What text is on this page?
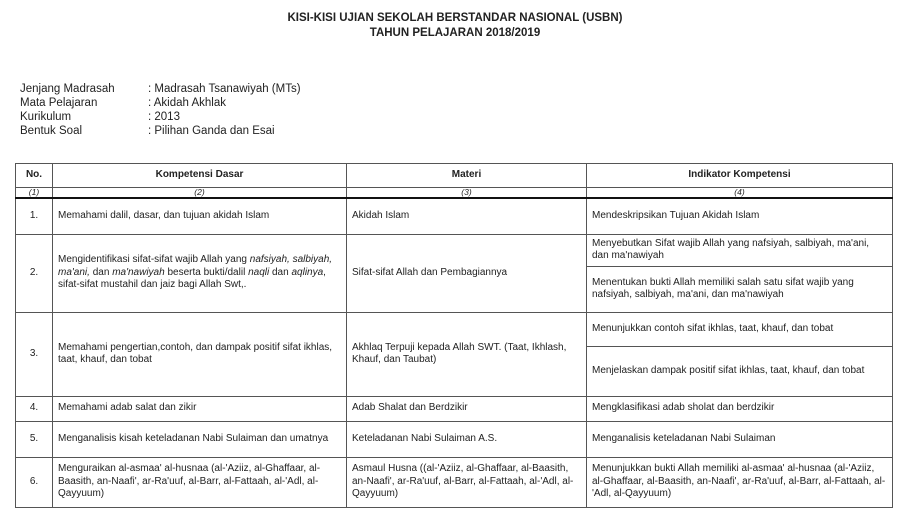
KISI-KISI UJIAN SEKOLAH BERSTANDAR NASIONAL (USBN)
TAHUN PELAJARAN 2018/2019
Jenjang Madrasah	: Madrasah Tsanawiyah (MTs)
Mata Pelajaran	: Akidah Akhlak
Kurikulum	: 2013
Bentuk Soal	: Pilihan Ganda dan Esai
No.	Kompetensi Dasar	Materi	Indikator Kompetensi
(1)	(2)	(3)	(4)
1.	Memahami dalil, dasar, dan tujuan akidah Islam	Akidah Islam	Mendeskripsikan Tujuan Akidah Islam
2.	Mengidentifikasi sifat-sifat wajib Allah yang nafsiyah, salbiyah, ma'ani, dan ma'nawiyah beserta bukti/dalil naqli dan aqlinya, sifat-sifat mustahil dan jaiz bagi Allah Swt,.	Sifat-sifat Allah dan Pembagiannya	Menyebutkan Sifat wajib Allah yang nafsiyah, salbiyah, ma'ani, dan ma'nawiyah
			Menentukan bukti Allah memiliki salah satu sifat wajib yang nafsiyah, salbiyah, ma'ani, dan ma'nawiyah
3.	Memahami pengertian,contoh, dan dampak positif sifat ikhlas, taat, khauf, dan tobat	Akhlaq Terpuji kepada Allah SWT. (Taat, Ikhlash, Khauf, dan Taubat)	Menunjukkan contoh sifat ikhlas, taat, khauf, dan tobat
			Menjelaskan dampak positif sifat ikhlas, taat, khauf, dan tobat
4.	Memahami adab salat dan zikir	Adab Shalat dan Berdzikir	Mengklasifikasi adab sholat dan berdzikir
5.	Menganalisis kisah keteladanan Nabi Sulaiman dan umatnya	Keteladanan Nabi Sulaiman A.S.	Menganalisis keteladanan Nabi Sulaiman
6.	Menguraikan al-asmaa' al-husnaa (al-'Aziiz, al-Ghaffaar, al-Baasith, an-Naafi', ar-Ra'uuf, al-Barr, al-Fattaah, al-'Adl, al-Qayyuum)	Asmaul Husna ((al-'Aziiz, al-Ghaffaar, al-Baasith, an-Naafi', ar-Ra'uuf, al-Barr, al-Fattaah, al-'Adl, al-Qayyuum)	Menunjukkan bukti Allah memiliki al-asmaa' al-husnaa (al-'Aziiz, al-Ghaffaar, al-Baasith, an-Naafi', ar-Ra'uuf, al-Barr, al-Fattaah, al-'Adl, al-Qayyuum)
